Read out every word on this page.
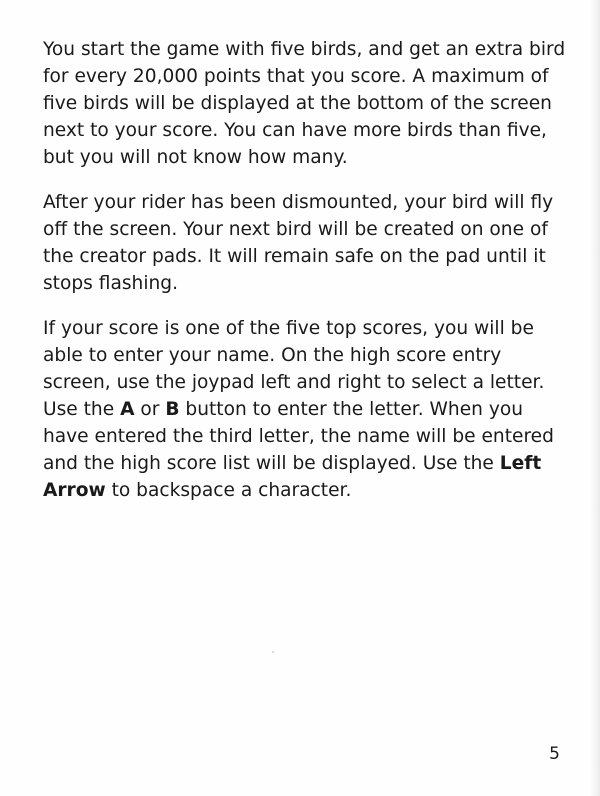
You start the game with five birds, and get an extra bird for every 20,000 points that you score. A maximum of five birds will be displayed at the bottom of the screen next to your score. You can have more birds than five, but you will not know how many.

After your rider has been dismounted, your bird will fly off the screen. Your next bird will be created on one of the creator pads. It will remain safe on the pad until it stops flashing.

If your score is one of the five top scores, you will be able to enter your name. On the high score entry screen, use the joypad left and right to select a letter. Use the A or B button to enter the letter. When you have entered the third letter, the name will be entered and the high score list will be displayed. Use the Left Arrow to backspace a character.

5
